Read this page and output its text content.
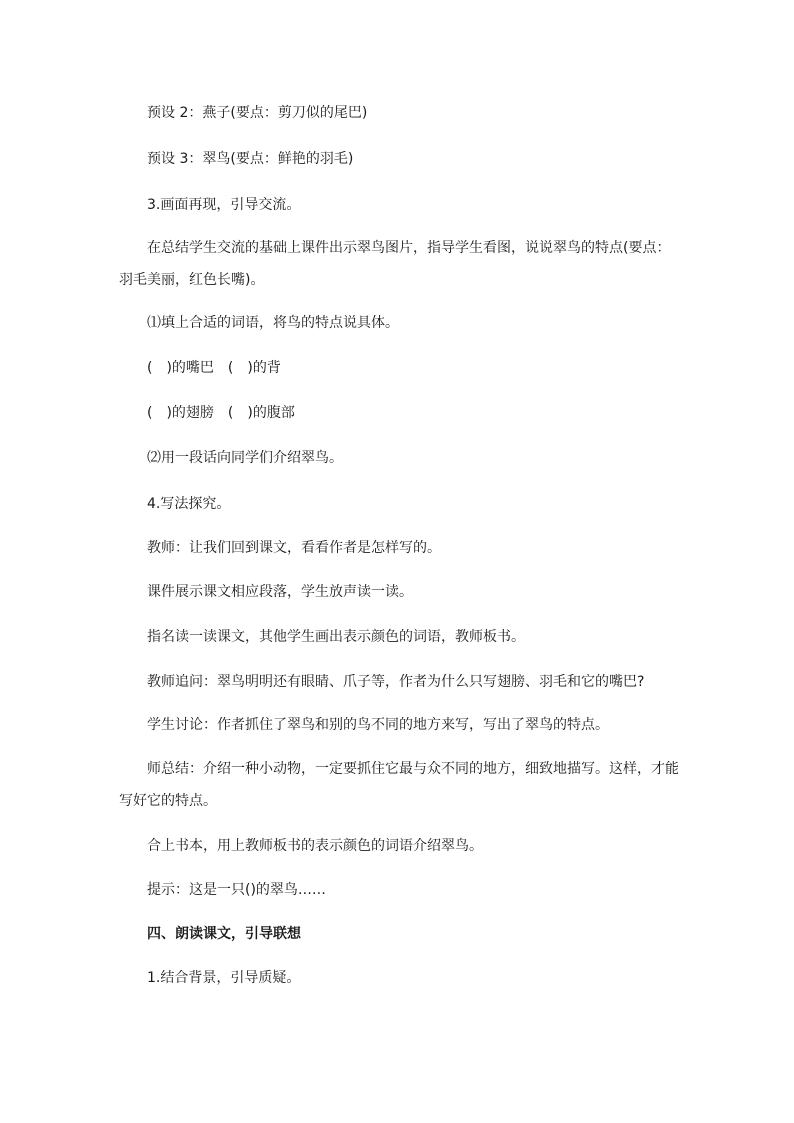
预设 2：燕子(要点：剪刀似的尾巴)
预设 3：翠鸟(要点：鲜艳的羽毛)
3.画面再现，引导交流。
在总结学生交流的基础上课件出示翠鸟图片，指导学生看图，说说翠鸟的特点(要点：羽毛美丽，红色长嘴)。
⑴填上合适的词语，将鸟的特点说具体。
(　)的嘴巴　(　)的背
(　)的翅膀　(　)的腹部
⑵用一段话向同学们介绍翠鸟。
4.写法探究。
教师：让我们回到课文，看看作者是怎样写的。
课件展示课文相应段落，学生放声读一读。
指名读一读课文，其他学生画出表示颜色的词语，教师板书。
教师追问：翠鸟明明还有眼睛、爪子等，作者为什么只写翅膀、羽毛和它的嘴巴?
学生讨论：作者抓住了翠鸟和别的鸟不同的地方来写，写出了翠鸟的特点。
师总结：介绍一种小动物，一定要抓住它最与众不同的地方，细致地描写。这样，才能写好它的特点。
合上书本，用上教师板书的表示颜色的词语介绍翠鸟。
提示：这是一只()的翠鸟……
四、朗读课文，引导联想
1.结合背景，引导质疑。
